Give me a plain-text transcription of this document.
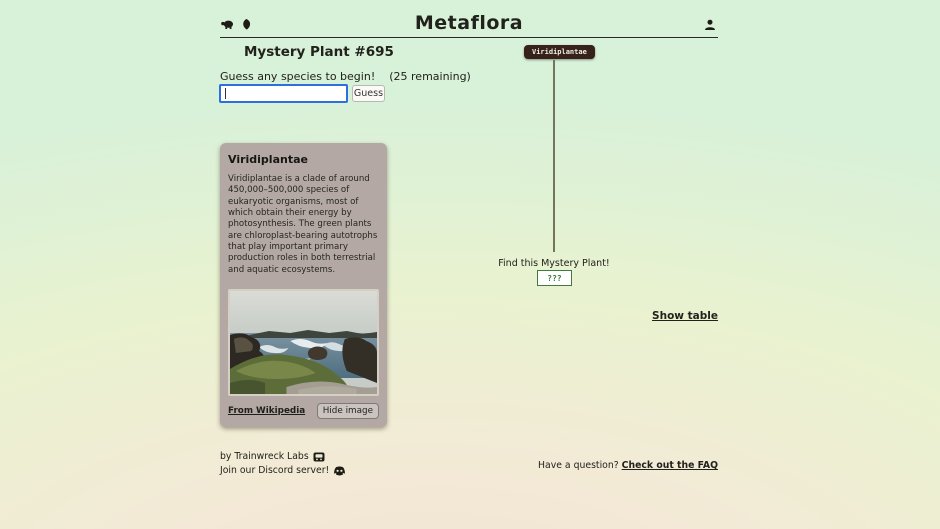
Metaflora
Mystery Plant #695
Guess any species to begin! (25 remaining)
Guess
Viridiplantae
Viridiplantae is a clade of around 450,000–500,000 species of eukaryotic organisms, most of which obtain their energy by photosynthesis. The green plants are chloroplast-bearing autotrophs that play important primary production roles in both terrestrial and aquatic ecosystems.
From Wikipedia	Hide image
Viridiplantae
Find this Mystery Plant!
???
Show table
by Trainwreck Labs
Join our Discord server!	Have a question? Check out the FAQ
